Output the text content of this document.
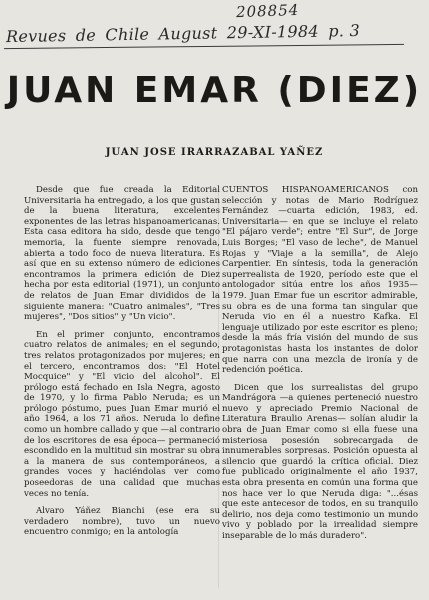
208854
Revues de Chile August 29-XI-1984 p. 3
JUAN EMAR (DIEZ)

JUAN JOSE IRARRAZABAL YAÑEZ

Desde que fue creada la Editorial Universitaria ha entregado, a los que gustan de la buena literatura, excelentes exponentes de las letras hispanoamericanas. Esta casa editora ha sido, desde que tengo memoria, la fuente siempre renovada, abierta a todo foco de nueva literatura. Es así que en su extenso número de ediciones encontramos la primera edición de Diez hecha por esta editorial (1971), un conjunto de relatos de Juan Emar divididos de la siguiente manera: "Cuatro animales", "Tres mujeres", "Dos sitios" y "Un vicio".

En el primer conjunto, encontramos cuatro relatos de animales; en el segundo, tres relatos protagonizados por mujeres; en el tercero, encontramos dos: "El Hotel Mocquice" y "El vicio del alcohol". El prólogo está fechado en Isla Negra, agosto de 1970, y lo firma Pablo Neruda; es un prólogo póstumo, pues Juan Emar murió el año 1964, a los 71 años. Neruda lo define como un hombre callado y que —al contrario de los escritores de esa época— permaneció escondido en la multitud sin mostrar su obra a la manera de sus contemporáneos, a grandes voces y haciéndolas ver como poseedoras de una calidad que muchas veces no tenía.

Alvaro Yáñez Bianchi (ese era su verdadero nombre), tuvo un nuevo encuentro conmigo; en la antología

CUENTOS HISPANOAMERICANOS con selección y notas de Mario Rodríguez Fernández —cuarta edición, 1983, ed. Universitaria— en que se incluye el relato "El pájaro verde"; entre "El Sur", de Jorge Luis Borges; "El vaso de leche", de Manuel Rojas y "Viaje a la semilla", de Alejo Carpentier. En síntesis, toda la generación superrealista de 1920, período este que el antologador sitúa entre los años 1935—1979. Juan Emar fue un escritor admirable, su obra es de una forma tan singular que Neruda vio en él a nuestro Kafka. El lenguaje utilizado por este escritor es pleno; desde la más fría visión del mundo de sus protagonistas hasta los instantes de dolor que narra con una mezcla de ironía y de redención poética.

Dicen que los surrealistas del grupo Mandrágora —a quienes perteneció nuestro nuevo y apreciado Premio Nacional de Literatura Braulio Arenas— solían aludir la obra de Juan Emar como si ella fuese una misteriosa posesión sobrecargada de innumerables sorpresas. Posición opuesta al silencio que guardó la crítica oficial. Diez fue publicado originalmente el año 1937, esta obra presenta en común una forma que nos hace ver lo que Neruda diga: "...ésas que este antecesor de todos, en su tranquilo delirio, nos deja como testimonio un mundo vivo y poblado por la irrealidad siempre inseparable de lo más duradero".
